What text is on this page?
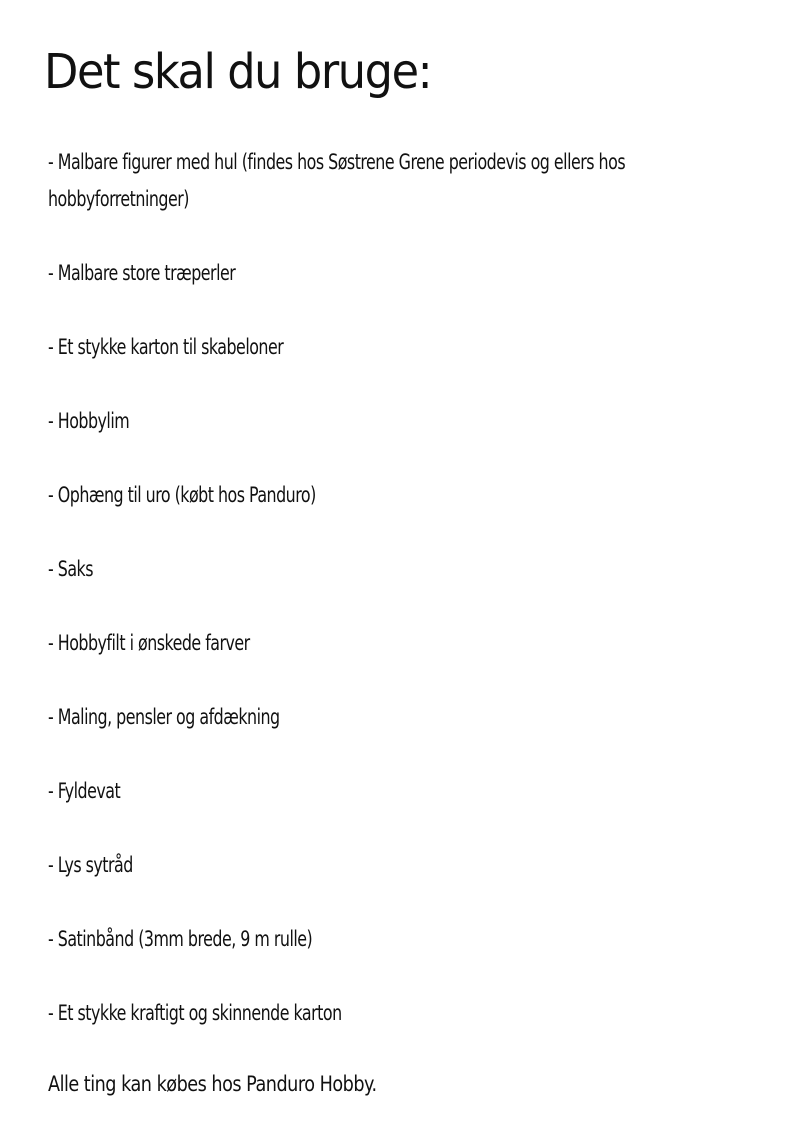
Det skal du bruge:
- Malbare figurer med hul (findes hos Søstrene Grene periodevis og ellers hos hobbyforretninger)
- Malbare store træperler
- Et stykke karton til skabeloner
- Hobbylim
- Ophæng til uro (købt hos Panduro)
- Saks
- Hobbyfilt i ønskede farver
- Maling, pensler og afdækning
- Fyldevat
- Lys sytråd
- Satinbånd (3mm brede, 9 m rulle)
- Et stykke kraftigt og skinnende karton

Alle ting kan købes hos Panduro Hobby.
